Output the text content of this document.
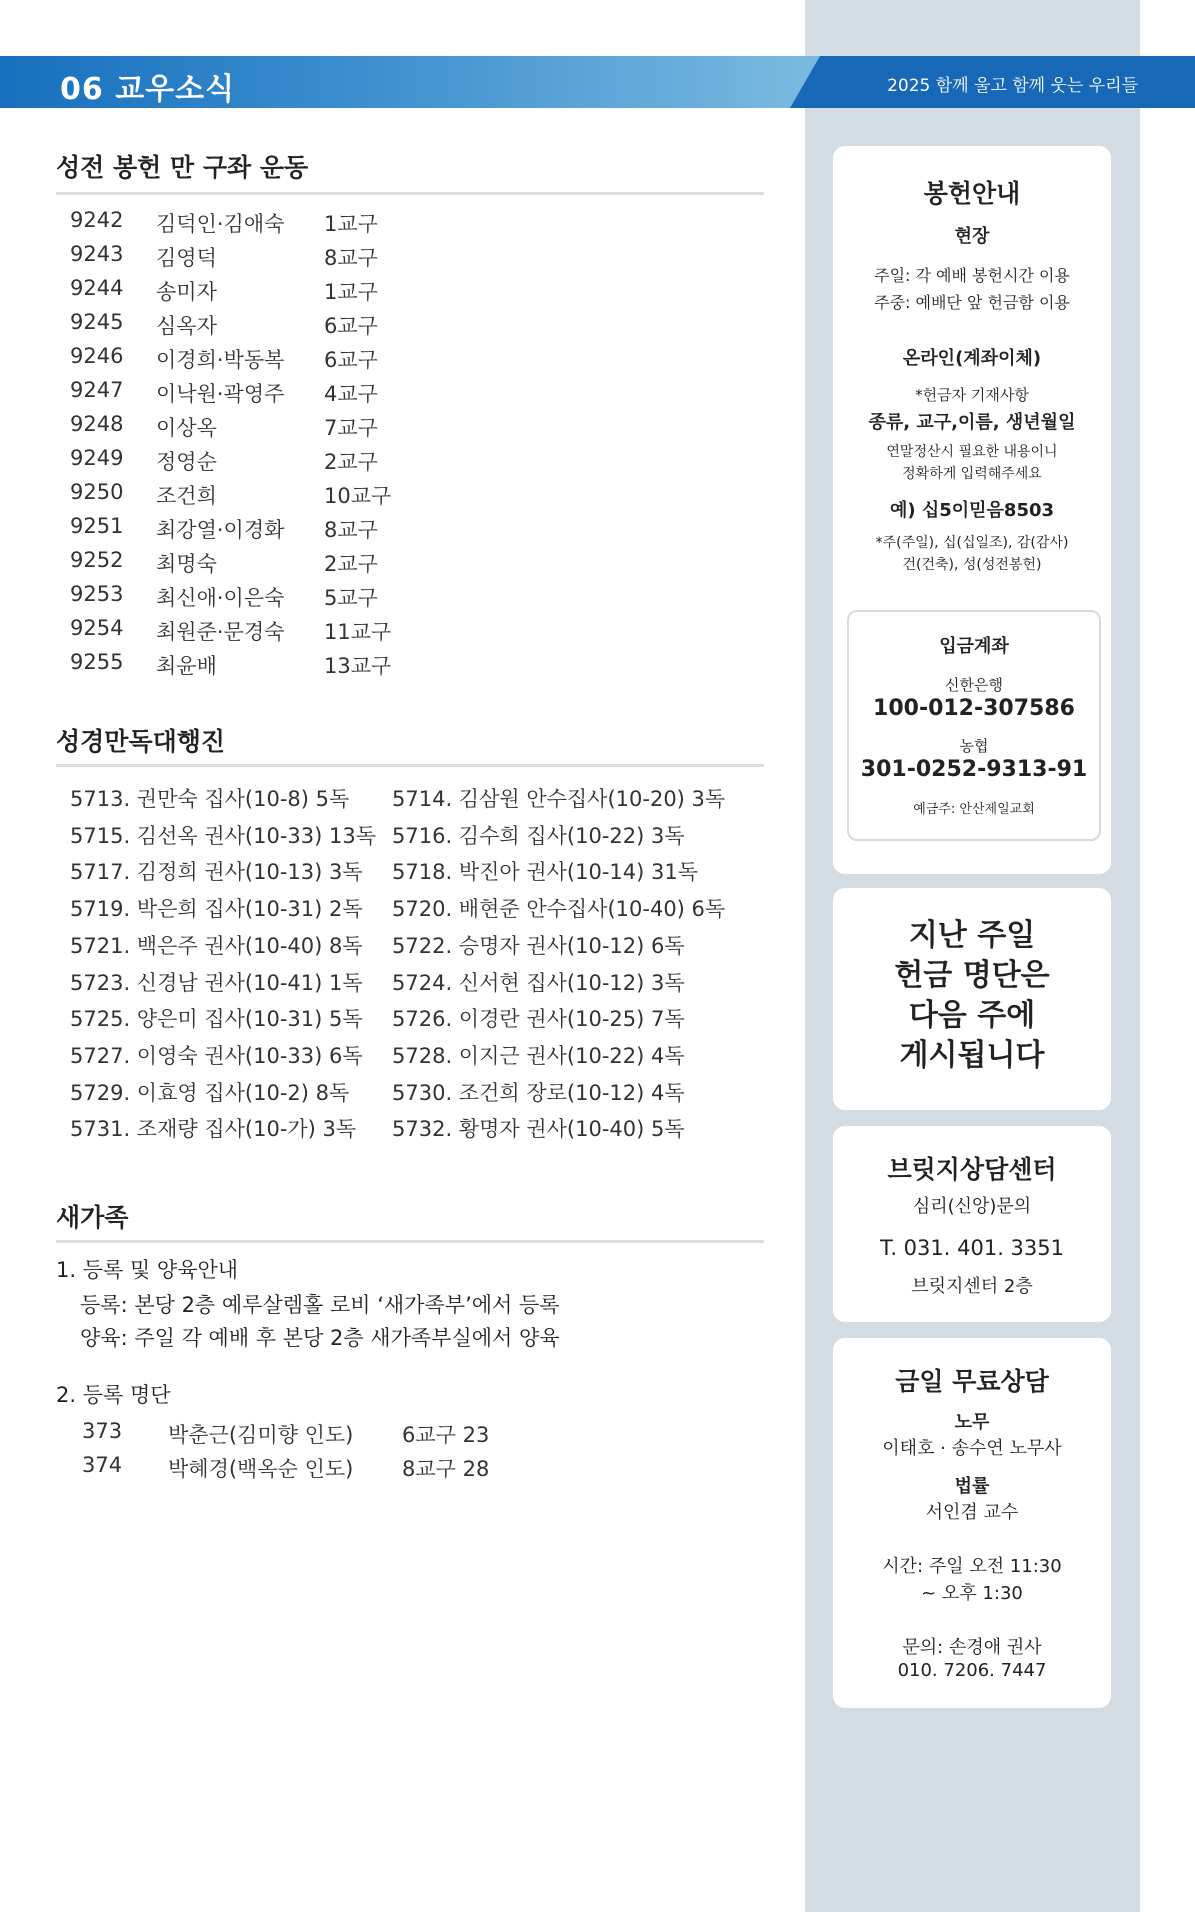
06 교우소식	2025 함께 울고 함께 웃는 우리들
성전 봉헌 만 구좌 운동
9242 김덕인·김애숙 1교구
9243 김영덕	8교구
9244 송미자	1교구
9245 심옥자	6교구
9246 이경희·박동복 6교구
9247 이낙원·곽영주 4교구
9248 이상옥	7교구
9249 정영순	2교구
9250 조건희	10교구
9251 최강열·이경화 8교구
9252 최명숙	2교구
9253 최신애·이은숙 5교구
9254 최원준·문경숙 11교구
9255 최윤배	13교구
성경만독대행진
5713. 권만숙 집사(10-8) 5독 5714. 김삼원 안수집사(10-20) 3독
5715. 김선옥 권사(10-33) 13독 5716. 김수희 집사(10-22) 3독
5717. 김정희 권사(10-13) 3독 5718. 박진아 권사(10-14) 31독
5719. 박은희 집사(10-31) 2독 5720. 배현준 안수집사(10-40) 6독
5721. 백은주 권사(10-40) 8독 5722. 승명자 권사(10-12) 6독
5723. 신경남 권사(10-41) 1독 5724. 신서현 집사(10-12) 3독
5725. 양은미 집사(10-31) 5독 5726. 이경란 권사(10-25) 7독
5727. 이영숙 권사(10-33) 6독 5728. 이지근 권사(10-22) 4독
5729. 이효영 집사(10-2) 8독 5730. 조건희 장로(10-12) 4독
5731. 조재량 집사(10-가) 3독 5732. 황명자 권사(10-40) 5독
새가족
1. 등록 및 양육안내
등록: 본당 2층 예루살렘홀 로비 ‘새가족부’에서 등록
양육: 주일 각 예배 후 본당 2층 새가족부실에서 양육
2. 등록 명단
373 박춘근(김미향 인도) 6교구 23
374 박혜경(백옥순 인도) 8교구 28
봉헌안내
현장
주일: 각 예배 봉헌시간 이용
주중: 예배단 앞 헌금함 이용
온라인(계좌이체)
*헌금자 기재사항
종류, 교구,이름, 생년월일
연말정산시 필요한 내용이니
정확하게 입력해주세요
예) 십5이믿음8503
*주(주일), 십(십일조), 감(감사)
건(건축), 성(성전봉헌)
입금계좌
신한은행
100-012-307586
농협
301-0252-9313-91
예금주: 안산제일교회
지난 주일
헌금 명단은
다음 주에
게시됩니다
브릿지상담센터
심리(신앙)문의
T. 031. 401. 3351
브릿지센터 2층
금일 무료상담
노무
이태호 · 송수연 노무사
법률
서인겸 교수
시간: 주일 오전 11:30
~ 오후 1:30
문의: 손경애 권사
010. 7206. 7447
